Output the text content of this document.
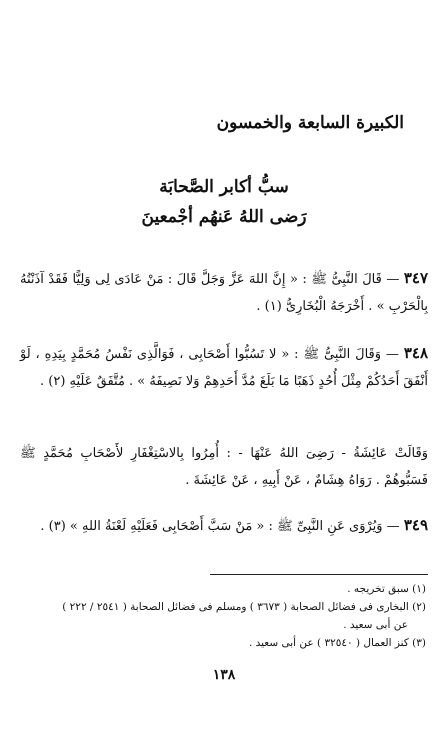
الكبيرة السابعة والخمسون
سبُّ أكابر الصَّحابَة
رَضى اللهُ عَنهُم أجْمعينَ

٣٤٧ — قَالَ النَّبِىُّ ﷺ : « إِنَّ اللهَ عَزَّ وَجَلَّ قَالَ : مَنْ عَادَى لِى وَلِيًّا فَقَدْ آذَنْتُهُ بِالْحَرْبِ » . أَخْرَجَهُ الْبُخَارِىُّ (١) .

٣٤٨ — وَقَالَ النَّبِىُّ ﷺ : « لا تَسُبُّوا أَصْحَابِى ، فَوَالَّذِى نَفْسُ مُحَمَّدٍ بِيَدِهِ ، لَوْ أَنْفَقَ أَحَدُكُمْ مِثْلَ أُحُدٍ ذَهَبًا مَا بَلَغَ مُدَّ أَحَدِهِمْ وَلا نَصِيفَهُ » . مُتَّفَقٌ عَلَيْهِ (٢) .

وَقَالَتْ عَائِشَةُ - رَضِىَ اللهُ عَنْهَا - : أُمِرُوا بِالاسْتِغْفَارِ لأَصْحَابِ مُحَمَّدٍ ﷺ فَسَبُّوهُمْ . رَوَاهُ هِشَامٌ ، عَنْ أَبِيهِ ، عَنْ عَائِشَةَ .

٣٤٩ — وَيُرْوَى عَنِ النَّبِىِّ ﷺ : « مَنْ سَبَّ أَصْحَابِى فَعَلَيْهِ لَعْنَةُ اللهِ » (٣) .

(١) سبق تخريجه .
(٢) البخارى فى فضائل الصحابة ( ٣٦٧٣ ) ومسلم فى فضائل الصحابة ( ٢٥٤١ / ٢٢٢ )
عن أبى سعيد .
(٣) كنز العمال ( ٣٢٥٤٠ ) عن أبى سعيد .
١٣٨
